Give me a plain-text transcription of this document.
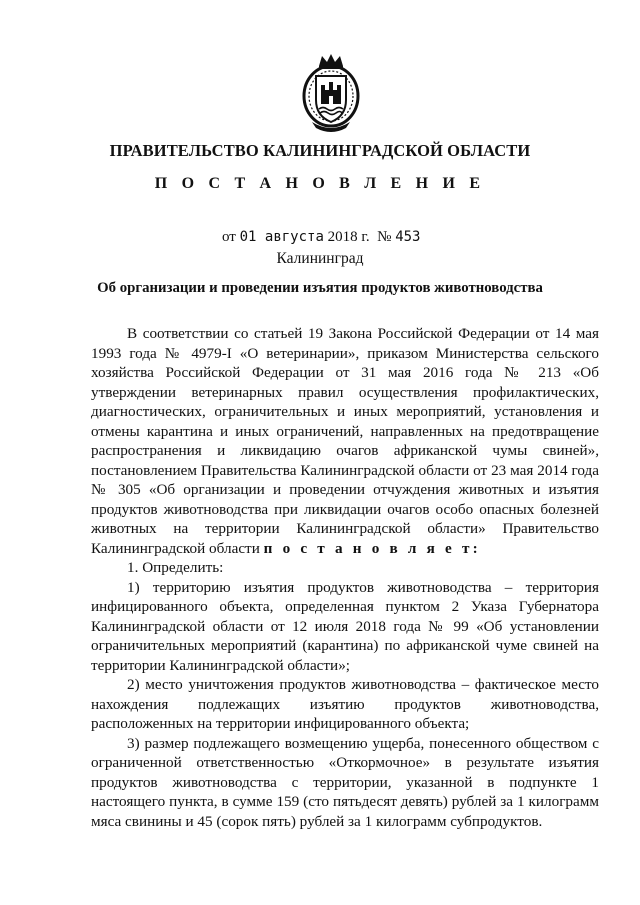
ПРАВИТЕЛЬСТВО КАЛИНИНГРАДСКОЙ ОБЛАСТИ
П О С Т А Н О В Л Е Н И Е
от 01 августа 2018 г. № 453
Калининград
Об организации и проведении изъятия продуктов животноводства

В соответствии со статьей 19 Закона Российской Федерации от 14 мая 1993 года № 4979-I «О ветеринарии», приказом Министерства сельского хозяйства Российской Федерации от 31 мая 2016 года № 213 «Об утверждении ветеринарных правил осуществления профилактических, диагностических, ограничительных и иных мероприятий, установления и отмены карантина и иных ограничений, направленных на предотвращение распространения и ликвидацию очагов африканской чумы свиней», постановлением Правительства Калининградской области от 23 мая 2014 года № 305 «Об организации и проведении отчуждения животных и изъятия продуктов животноводства при ликвидации очагов особо опасных болезней животных на территории Калининградской области» Правительство Калининградской области п о с т а н о в л я е т:

1. Определить:

1) территорию изъятия продуктов животноводства – территория инфицированного объекта, определенная пунктом 2 Указа Губернатора Калининградской области от 12 июля 2018 года № 99 «Об установлении ограничительных мероприятий (карантина) по африканской чуме свиней на территории Калининградской области»;

2) место уничтожения продуктов животноводства – фактическое место нахождения подлежащих изъятию продуктов животноводства, расположенных на территории инфицированного объекта;

3) размер подлежащего возмещению ущерба, понесенного обществом с ограниченной ответственностью «Откормочное» в результате изъятия продуктов животноводства с территории, указанной в подпункте 1 настоящего пункта, в сумме 159 (сто пятьдесят девять) рублей за 1 килограмм мяса свинины и 45 (сорок пять) рублей за 1 килограмм субпродуктов.
